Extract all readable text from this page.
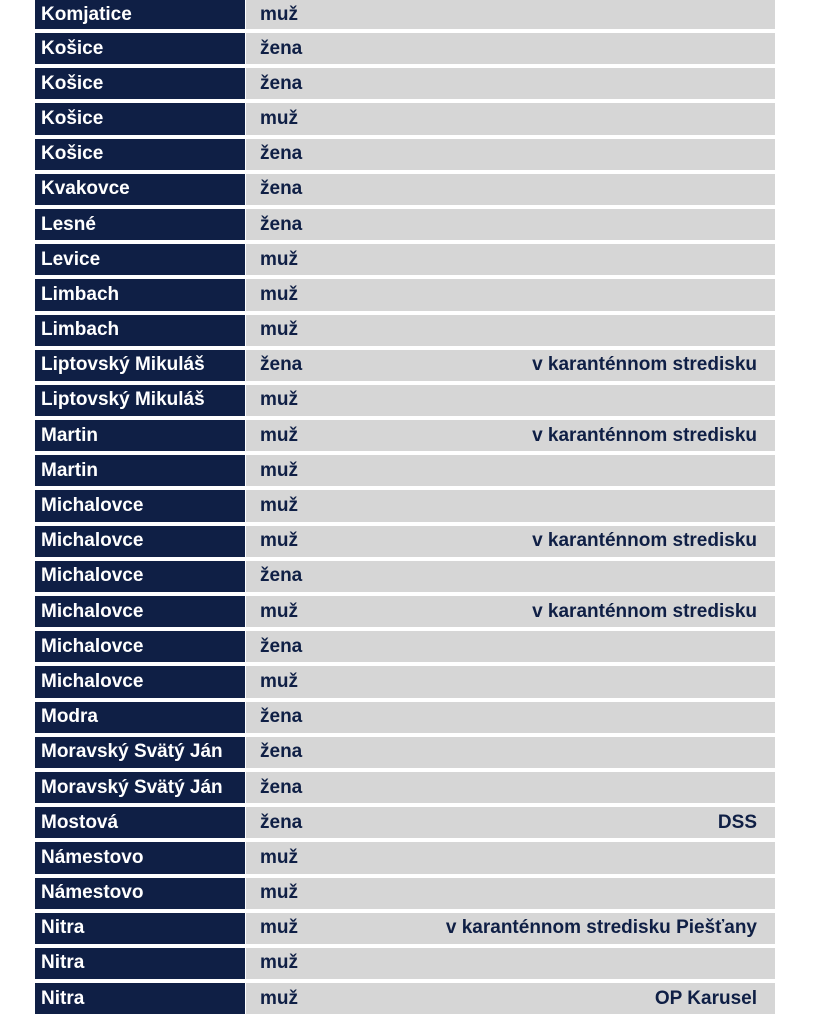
Komjatice	muž
Košice	žena
Košice	žena
Košice	muž
Košice	žena
Kvakovce	žena
Lesné	žena
Levice	muž
Limbach	muž
Limbach	muž
Liptovský Mikuláš	žena	v karanténnom stredisku
Liptovský Mikuláš	muž
Martin	muž	v karanténnom stredisku
Martin	muž
Michalovce	muž
Michalovce	muž	v karanténnom stredisku
Michalovce	žena
Michalovce	muž	v karanténnom stredisku
Michalovce	žena
Michalovce	muž
Modra	žena
Moravský Svätý Ján	žena
Moravský Svätý Ján	žena
Mostová	žena	DSS
Námestovo	muž
Námestovo	muž
Nitra	muž	v karanténnom stredisku Piešťany
Nitra	muž
Nitra	muž	OP Karusel
